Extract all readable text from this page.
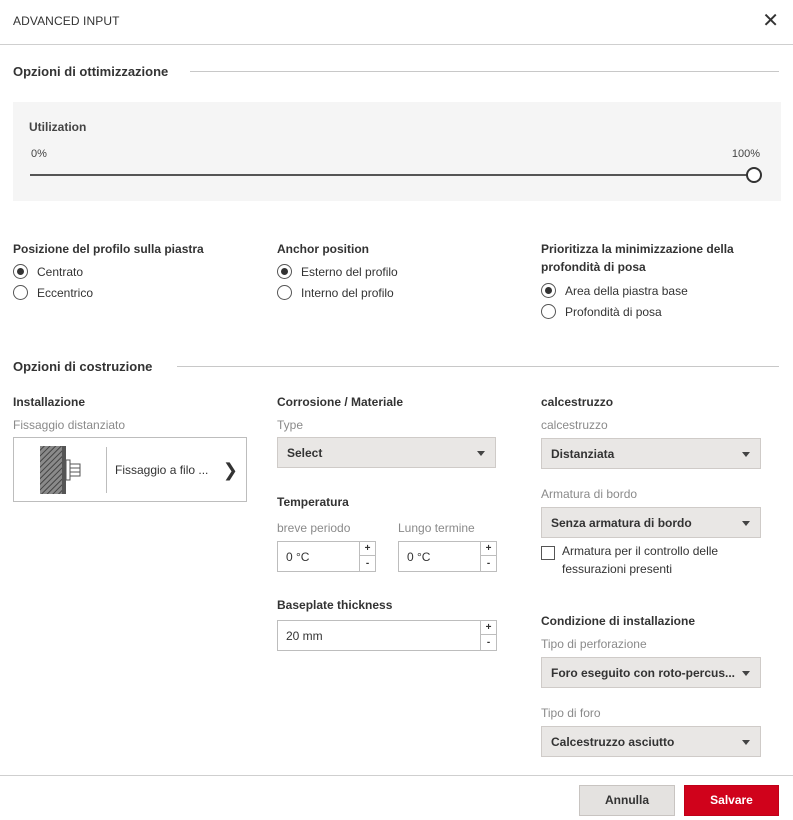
ADVANCED INPUT	✕
Opzioni di ottimizzazione
Utilization
0%	100%
Posizione del profilo sulla piastra
Centrato
Eccentrico
Anchor position
Esterno del profilo
Interno del profilo
Prioritizza la minimizzazione della
profondità di posa
Area della piastra base
Profondità di posa
Opzioni di costruzione
Installazione
Fissaggio distanziato
Fissaggio a filo ... ❯
Corrosione / Materiale
Type
Select
Temperatura
breve periodo	Lungo termine
0 °C
+
-	0 °C
+
-
Baseplate thickness
20 mm
+
-
calcestruzzo
calcestruzzo
Distanziata
Armatura di bordo
Senza armatura di bordo
Armatura per il controllo delle fessurazioni presenti
Condizione di installazione
Tipo di perforazione
Foro eseguito con roto-percus...
Tipo di foro
Calcestruzzo asciutto
Annulla	Salvare
